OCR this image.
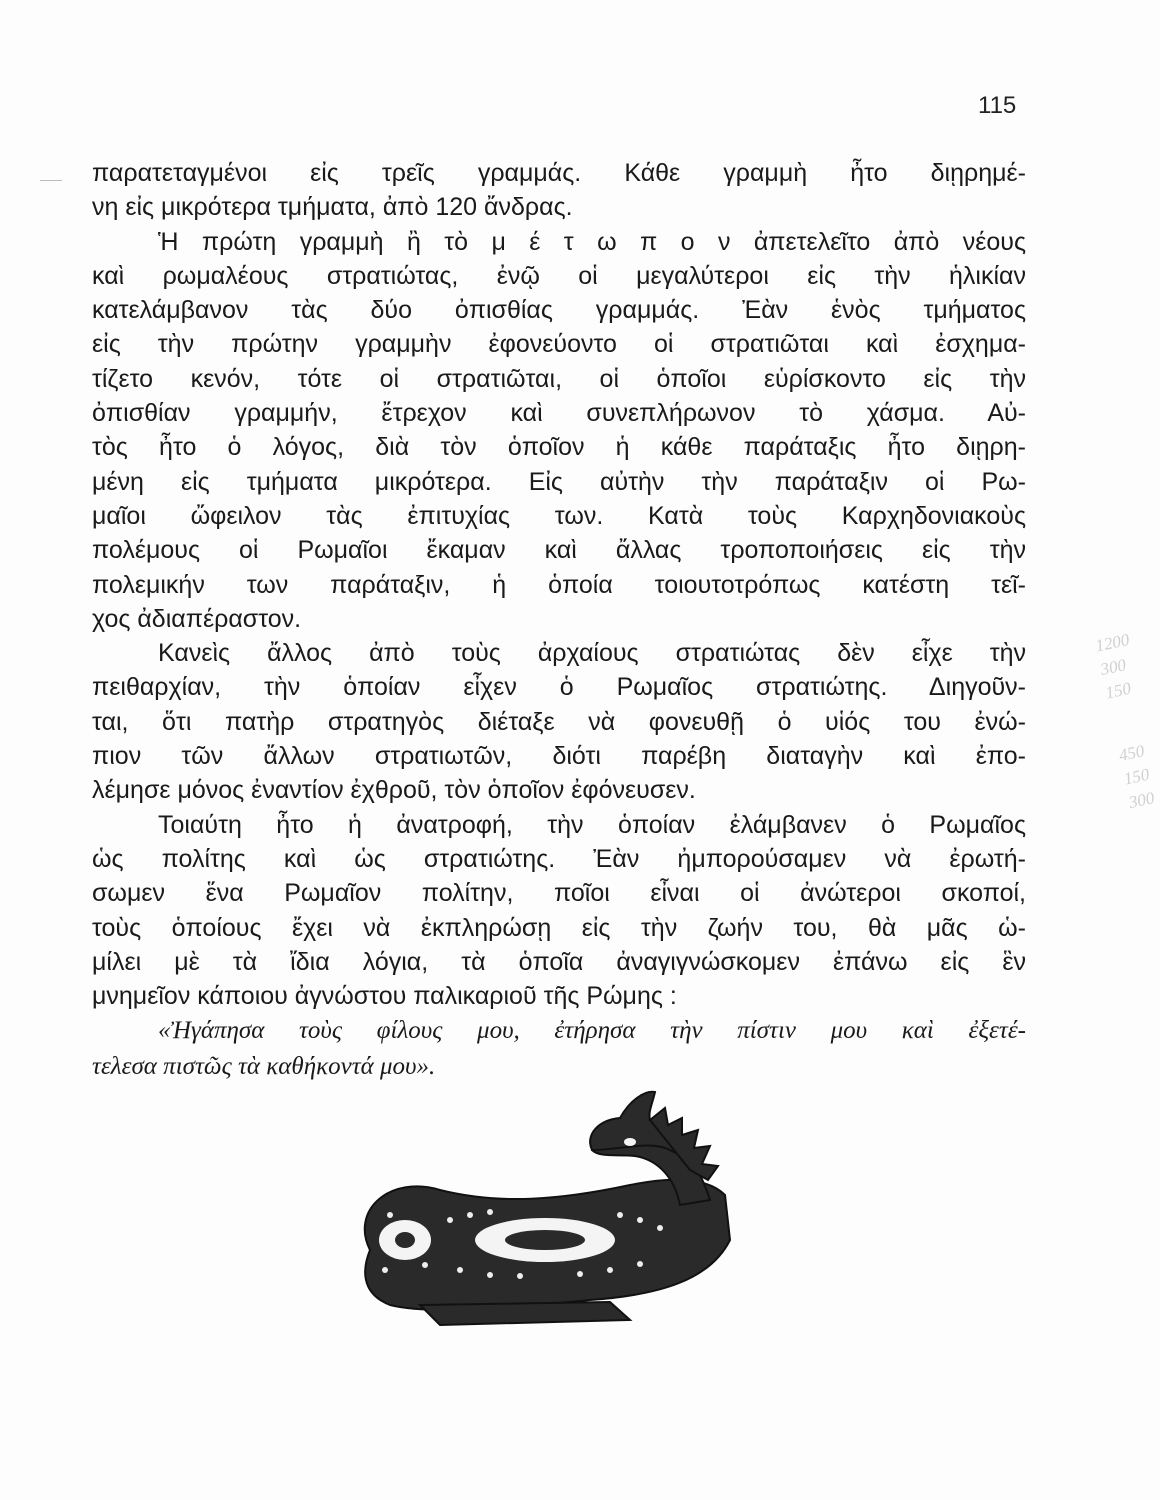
115
παρατεταγμένοι εἰς τρεῖς γραμμάς. Κάθε γραμμὴ ἦτο διῃρημέ-
νη εἰς μικρότερα τμήματα, ἀπὸ 120 ἄνδρας.
Ἡ πρώτη γραμμὴ ἢ τὸ μ έ τ ω π ο ν ἀπετελεῖτο ἀπὸ νέους
καὶ ρωμαλέους στρατιώτας, ἐνῷ οἱ μεγαλύτεροι εἰς τὴν ἡλικίαν
κατελάμβανον τὰς δύο ὀπισθίας γραμμάς. Ἐὰν ἑνὸς τμήματος
εἰς τὴν πρώτην γραμμὴν ἐφονεύοντο οἱ στρατιῶται καὶ ἐσχημα-
τίζετο κενόν, τότε οἱ στρατιῶται, οἱ ὁποῖοι εὑρίσκοντο εἰς τὴν
ὀπισθίαν γραμμήν, ἔτρεχον καὶ συνεπλήρωνον τὸ χάσμα. Αὐ-
τὸς ἦτο ὁ λόγος, διὰ τὸν ὁποῖον ἡ κάθε παράταξις ἦτο διῃρη-
μένη εἰς τμήματα μικρότερα. Εἰς αὐτὴν τὴν παράταξιν οἱ Ρω-
μαῖοι ὤφειλον τὰς ἐπιτυχίας των. Κατὰ τοὺς Καρχηδονιακοὺς
πολέμους οἱ Ρωμαῖοι ἔκαμαν καὶ ἄλλας τροποποιήσεις εἰς τὴν
πολεμικήν των παράταξιν, ἡ ὁποία τοιουτοτρόπως κατέστη τεῖ-
χος ἀδιαπέραστον.
Κανεὶς ἄλλος ἀπὸ τοὺς ἀρχαίους στρατιώτας δὲν εἶχε τὴν
πειθαρχίαν, τὴν ὁποίαν εἶχεν ὁ Ρωμαῖος στρατιώτης. Διηγοῦν-
ται, ὅτι πατὴρ στρατηγὸς διέταξε νὰ φονευθῇ ὁ υἱός του ἐνώ-
πιον τῶν ἄλλων στρατιωτῶν, διότι παρέβη διαταγὴν καὶ ἐπο-
λέμησε μόνος ἐναντίον ἐχθροῦ, τὸν ὁποῖον ἐφόνευσεν.
Τοιαύτη ἦτο ἡ ἀνατροφή, τὴν ὁποίαν ἐλάμβανεν ὁ Ρωμαῖος
ὡς πολίτης καὶ ὡς στρατιώτης. Ἐὰν ἠμπορούσαμεν νὰ ἐρωτή-
σωμεν ἕνα Ρωμαῖον πολίτην, ποῖοι εἶναι οἱ ἀνώτεροι σκοποί,
τοὺς ὁποίους ἔχει νὰ ἐκπληρώσῃ εἰς τὴν ζωήν του, θὰ μᾶς ὡ-
μίλει μὲ τὰ ἴδια λόγια, τὰ ὁποῖα ἀναγιγνώσκομεν ἐπάνω εἰς ἓν
μνημεῖον κάποιου ἀγνώστου παλικαριοῦ τῆς Ρώμης :
«Ἠγάπησα τοὺς φίλους μου, ἐτήρησα τὴν πίστιν μου καὶ ἐξετέ-
τελεσα πιστῶς τὰ καθήκοντά μου».
1200
300
150
450
150
300
